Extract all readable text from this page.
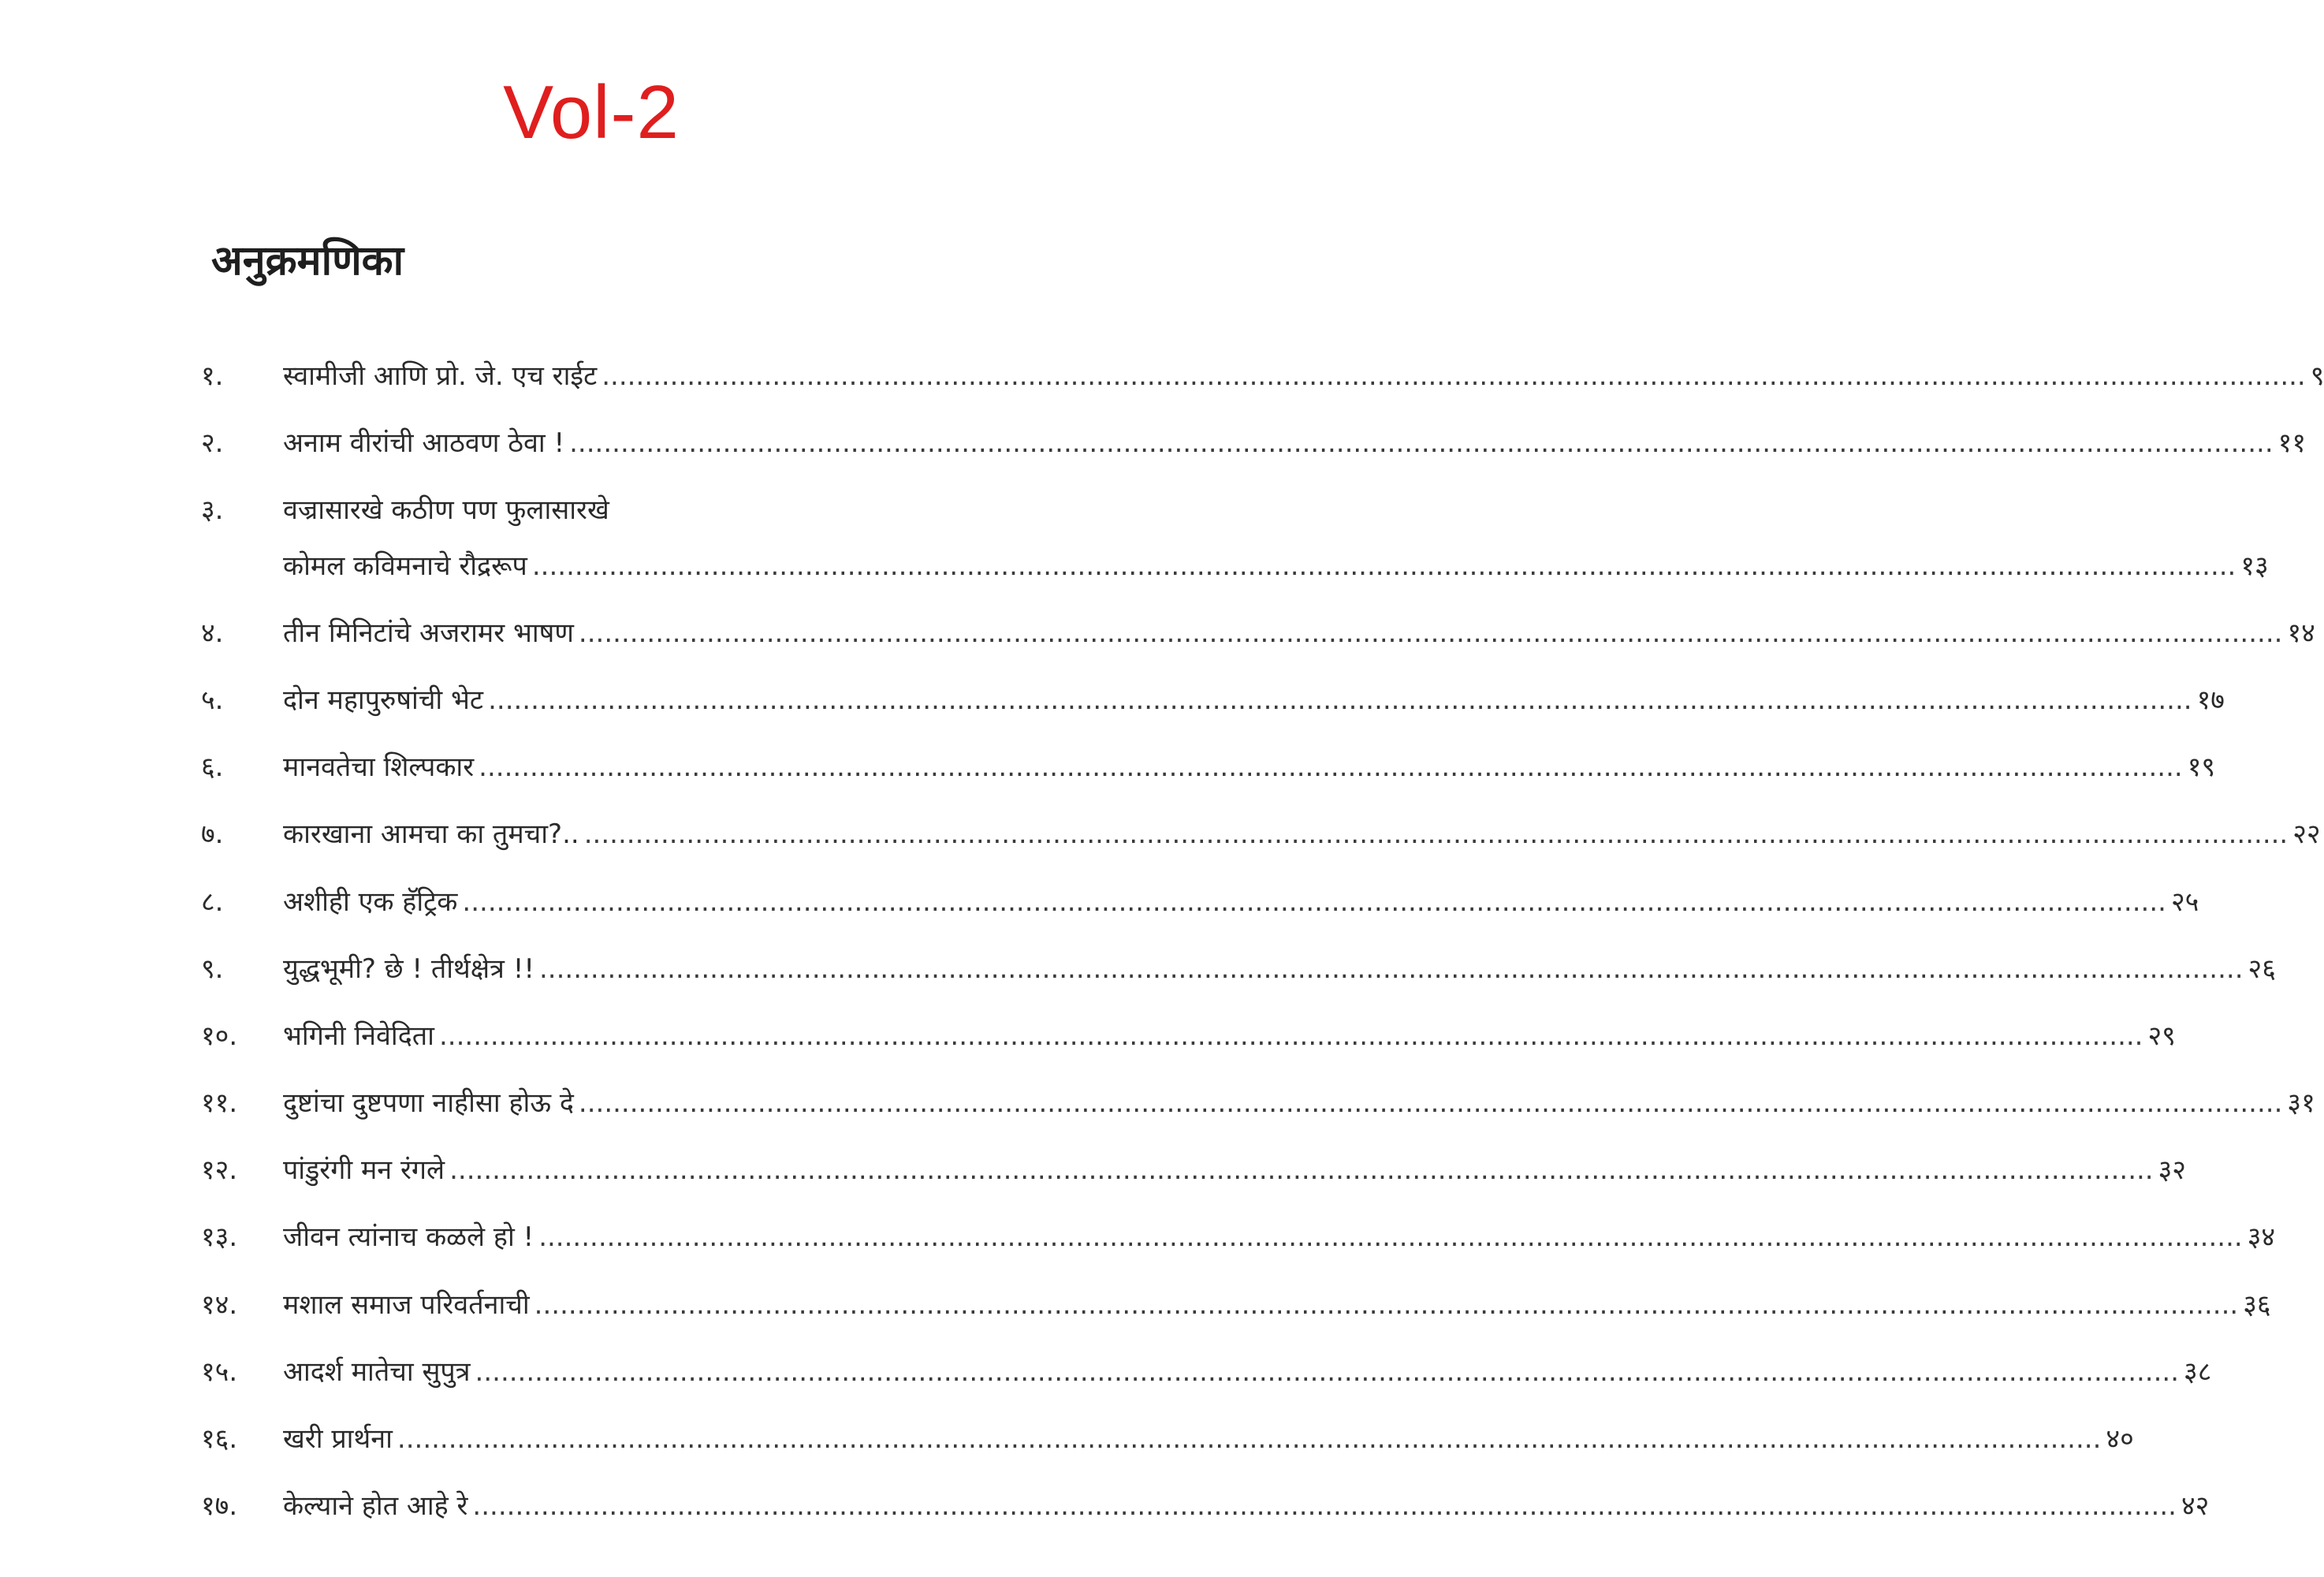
Vol-2
अनुक्रमणिका
१.	स्वामीजी आणि प्रो. जे. एच राईट ........................................................................................................................................................................................................ ९
२.	अनाम वीरांची आठवण ठेवा ! ........................................................................................................................................................................................................ ११
३.	वज्रासारखे कठीण पण फुलासारखे
कोमल कविमनाचे रौद्ररूप ........................................................................................................................................................................................................ १३
४.	तीन मिनिटांचे अजरामर भाषण ........................................................................................................................................................................................................ १४
५.	दोन महापुरुषांची भेट ........................................................................................................................................................................................................ १७
६.	मानवतेचा शिल्पकार ........................................................................................................................................................................................................ १९
७.	कारखाना आमचा का तुमचा?.. ........................................................................................................................................................................................................ २२
८.	अशीही एक हॅट्रिक ........................................................................................................................................................................................................ २५
९.	युद्धभूमी? छे ! तीर्थक्षेत्र !! ........................................................................................................................................................................................................ २६
१०.	भगिनी निवेदिता ........................................................................................................................................................................................................ २९
११.	दुष्टांचा दुष्टपणा नाहीसा होऊ दे ........................................................................................................................................................................................................ ३१
१२.	पांडुरंगी मन रंगले ........................................................................................................................................................................................................ ३२
१३.	जीवन त्यांनाच कळले हो ! ........................................................................................................................................................................................................ ३४
१४.	मशाल समाज परिवर्तनाची ........................................................................................................................................................................................................ ३६
१५.	आदर्श मातेचा सुपुत्र ........................................................................................................................................................................................................ ३८
१६.	खरी प्रार्थना ........................................................................................................................................................................................................ ४०
१७.	केल्याने होत आहे रे ........................................................................................................................................................................................................ ४२
